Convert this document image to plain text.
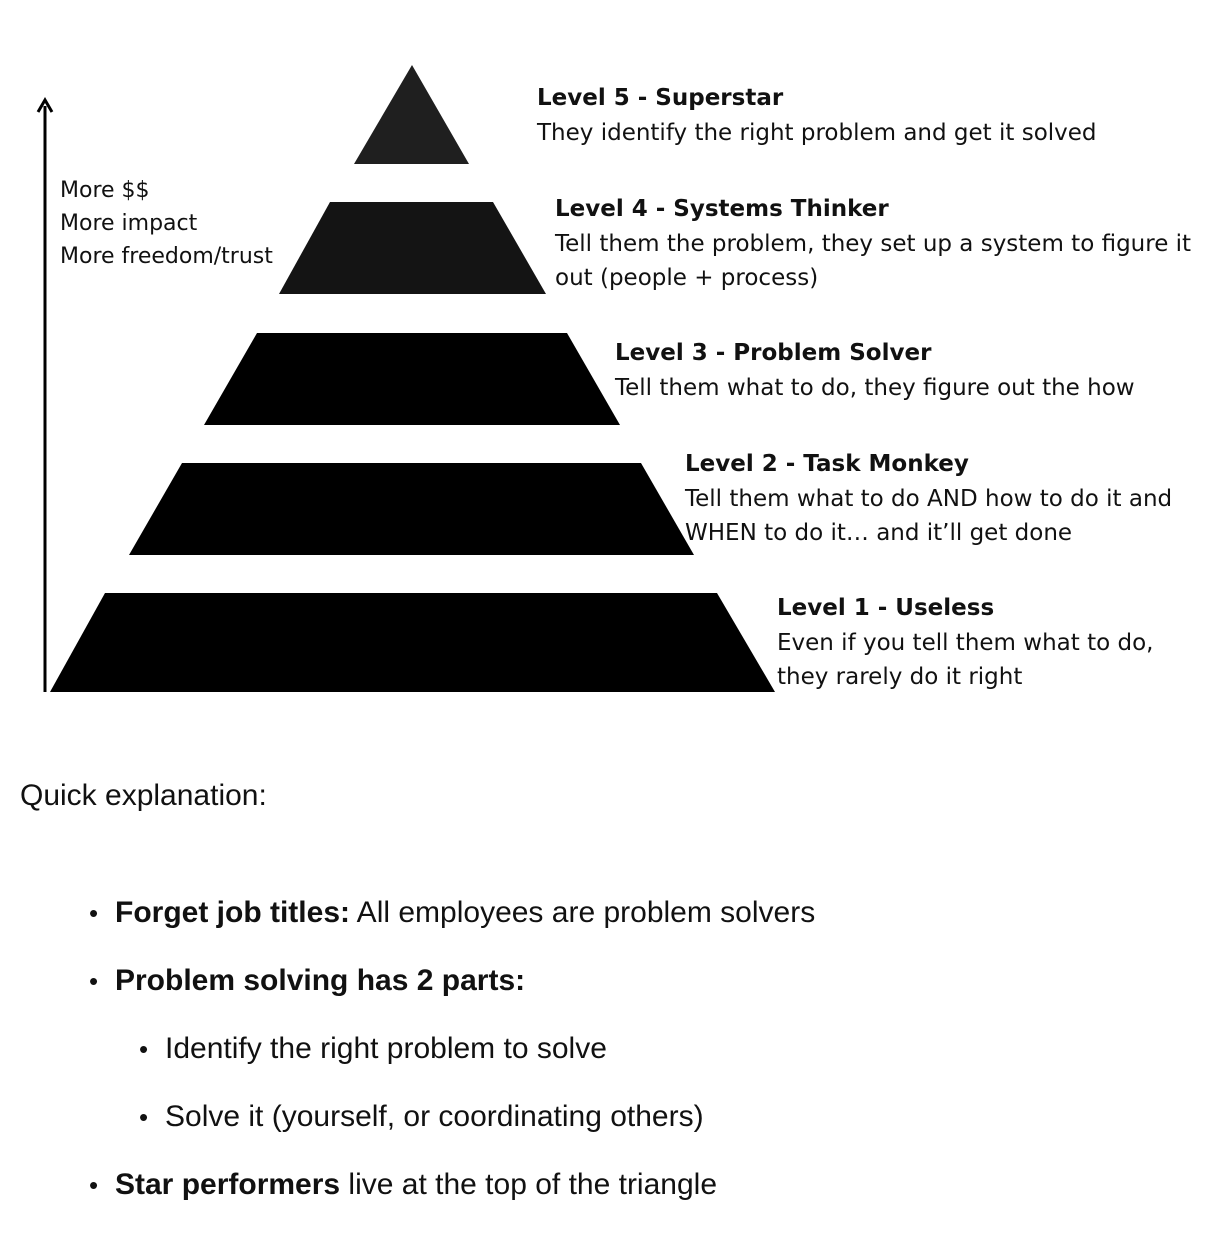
More $$
More impact
More freedom/trust
Level 5 - Superstar
They identify the right problem and get it solved
Level 4 - Systems Thinker
Tell them the problem, they set up a system to figure it out (people + process)
Level 3 - Problem Solver
Tell them what to do, they figure out the how
Level 2 - Task Monkey
Tell them what to do AND how to do it and WHEN to do it… and it’ll get done
Level 1 - Useless
Even if you tell them what to do, they rarely do it right
Quick explanation:
• Forget job titles: All employees are problem solvers
• Problem solving has 2 parts:
• Identify the right problem to solve
• Solve it (yourself, or coordinating others)
• Star performers live at the top of the triangle
